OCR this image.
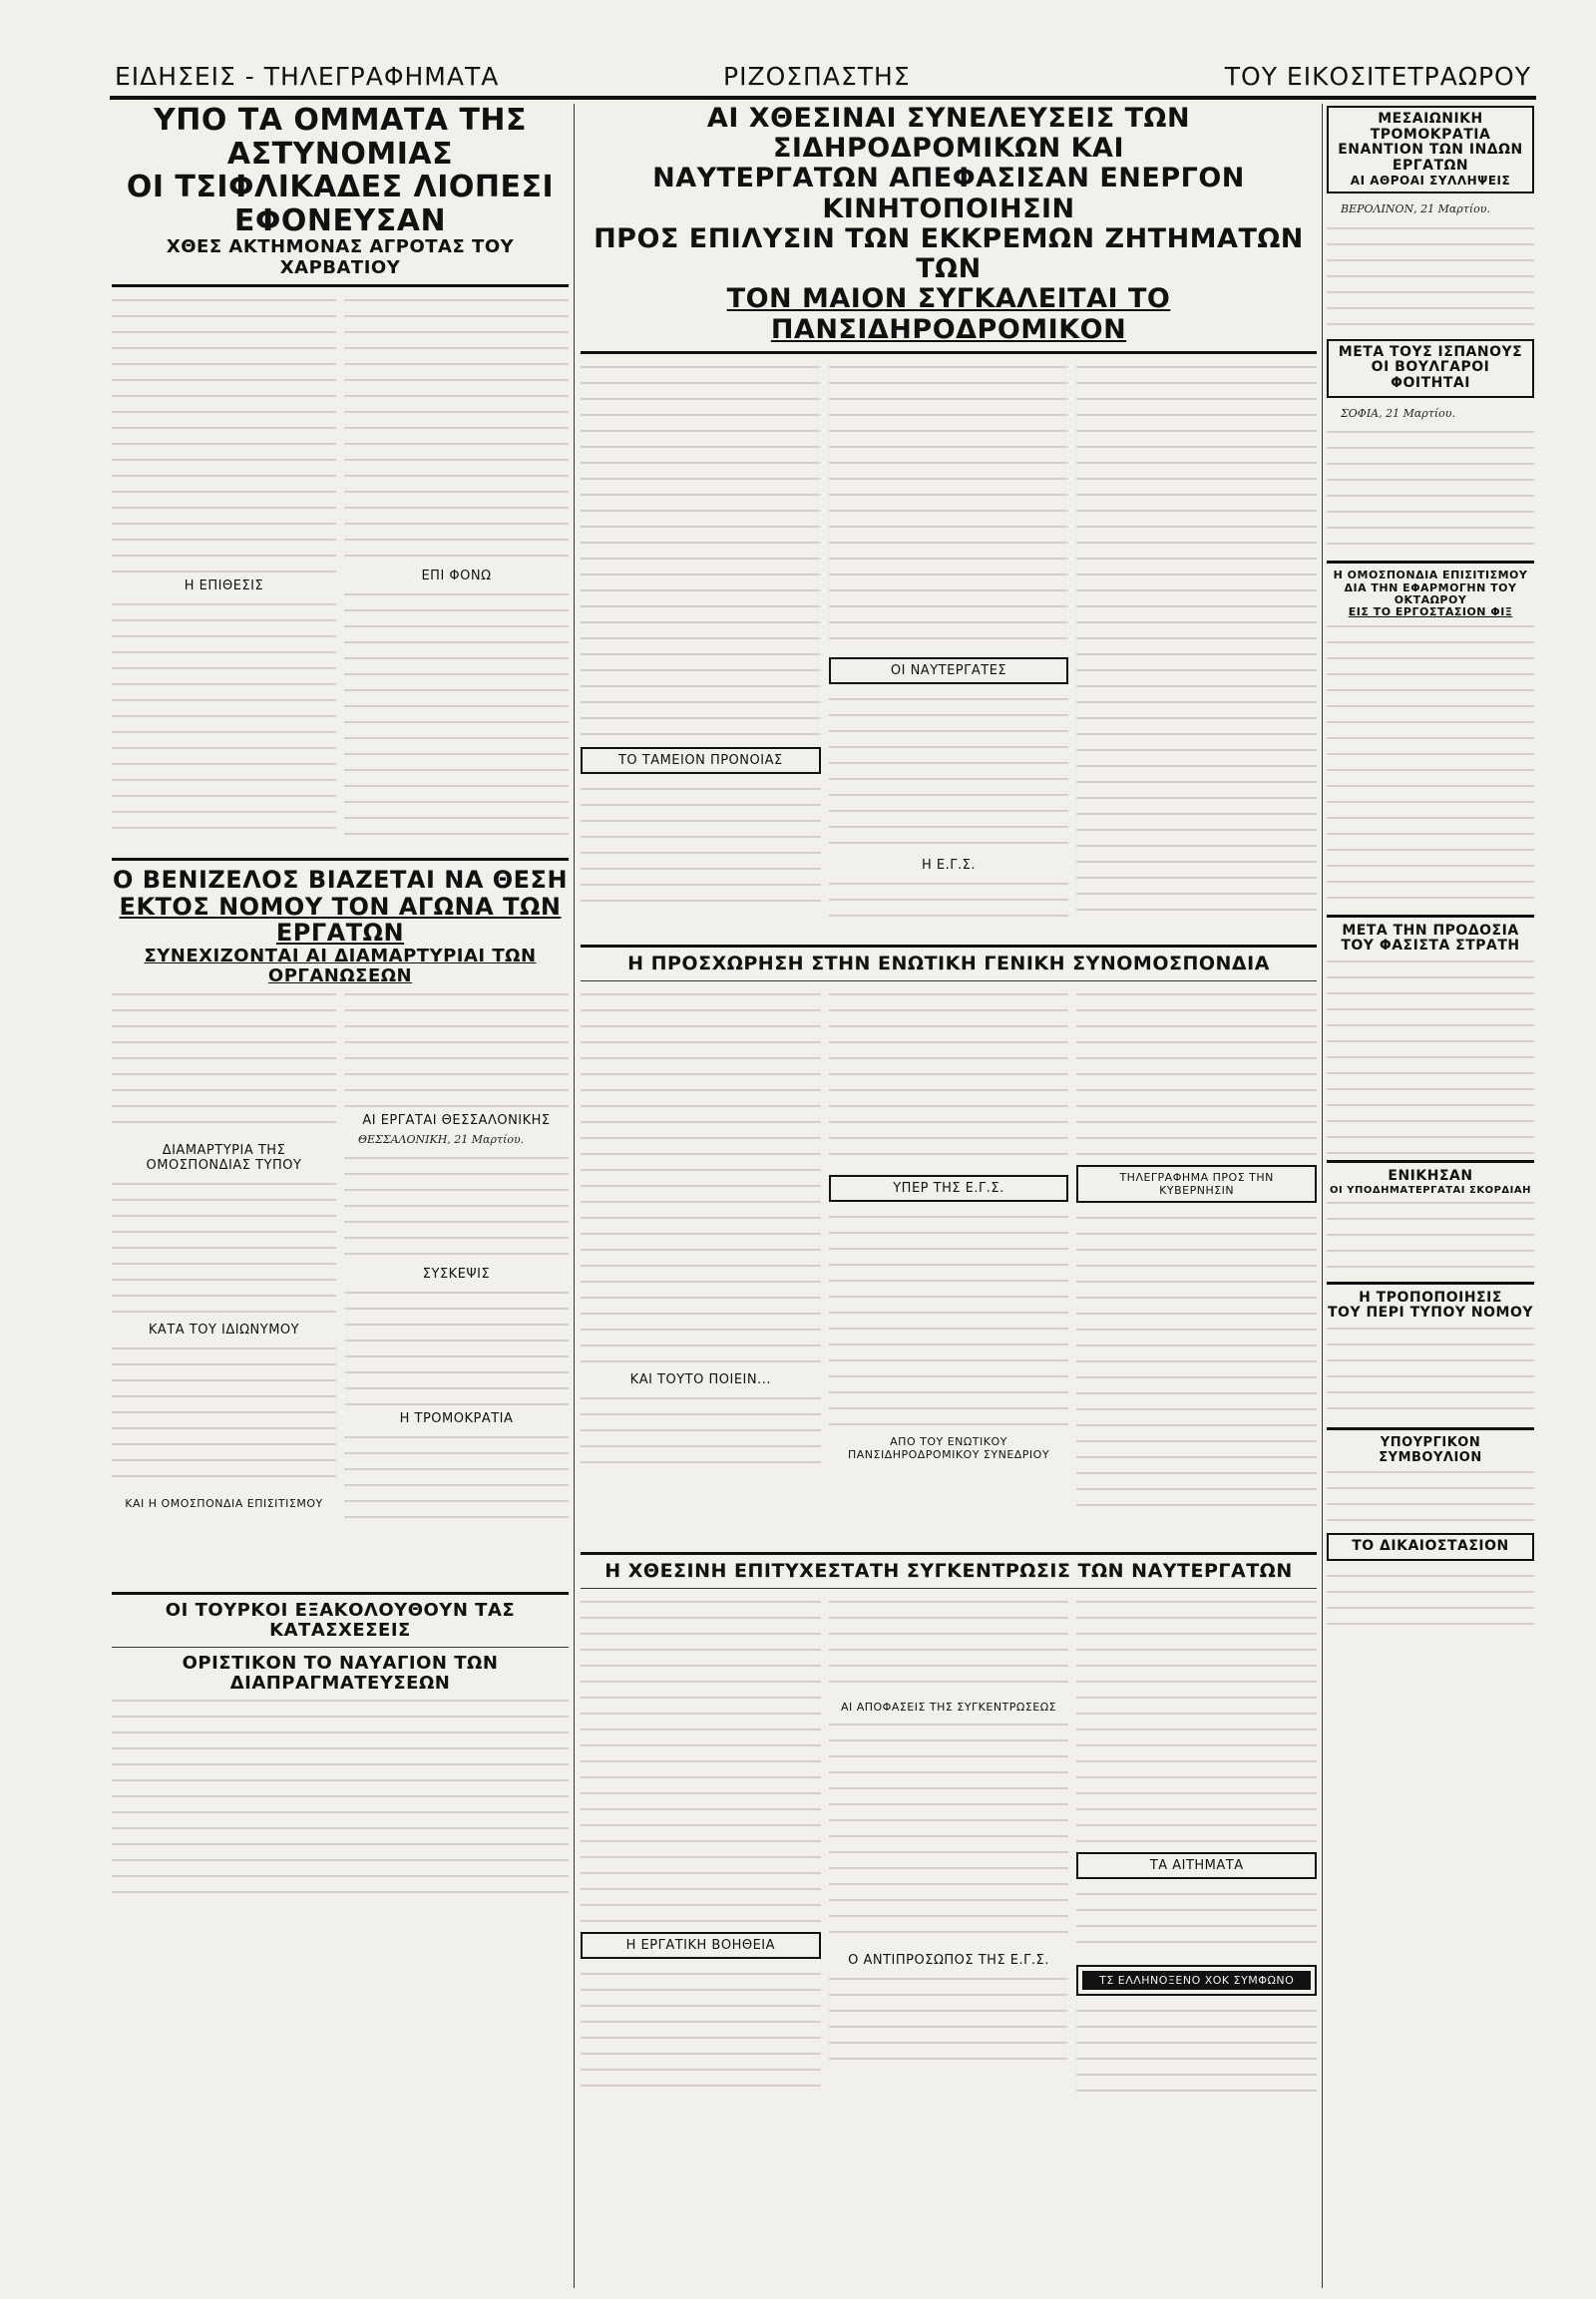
ΕΙΔΗΣΕΙΣ - ΤΗΛΕΓΡΑΦΗΜΑΤΑ	ΡΙΖΟΣΠΑΣΤΗΣ	ΤΟΥ ΕΙΚΟΣΙΤΕΤΡΑΩΡΟΥ

ΥΠΟ ΤΑ ΟΜΜΑΤΑ ΤΗΣ ΑΣΤΥΝΟΜΙΑΣ

ΟΙ ΤΣΙΦΛΙΚΑΔΕΣ ΛΙΟΠΕΣΙ ΕΦΟΝΕΥΣΑΝ

ΧΘΕΣ ΑΚΤΗΜΟΝΑΣ ΑΓΡΟΤΑΣ ΤΟΥ ΧΑΡΒΑΤΙΟΥ

Η ΕΠΙΘΕΣΙΣ

ΕΠΙ ΦΟΝΩ

Ο ΒΕΝΙΖΕΛΟΣ ΒΙΑΖΕΤΑΙ ΝΑ ΘΕΣΗ

ΕΚΤΟΣ ΝΟΜΟΥ ΤΟΝ ΑΓΩΝΑ ΤΩΝ ΕΡΓΑΤΩΝ

ΣΥΝΕΧΙΖΟΝΤΑΙ ΑΙ ΔΙΑΜΑΡΤΥΡΙΑΙ ΤΩΝ ΟΡΓΑΝΩΣΕΩΝ

ΔΙΑΜΑΡΤΥΡΙΑ ΤΗΣ ΟΜΟΣΠΟΝΔΙΑΣ ΤΥΠΟΥ

ΚΑΤΑ ΤΟΥ ΙΔΙΩΝΥΜΟΥ

ΚΑΙ Η ΟΜΟΣΠΟΝΔΙΑ ΕΠΙΣΙΤΙΣΜΟΥ

ΑΙ ΕΡΓΑΤΑΙ ΘΕΣΣΑΛΟΝΙΚΗΣ

ΘΕΣΣΑΛΟΝΙΚΗ, 21 Μαρτίου.

ΣΥΣΚΕΨΙΣ

Η ΤΡΟΜΟΚΡΑΤΙΑ

ΟΙ ΤΟΥΡΚΟΙ ΕΞΑΚΟΛΟΥΘΟΥΝ ΤΑΣ ΚΑΤΑΣΧΕΣΕΙΣ

ΟΡΙΣΤΙΚΟΝ ΤΟ ΝΑΥΑΓΙΟΝ ΤΩΝ ΔΙΑΠΡΑΓΜΑΤΕΥΣΕΩΝ

ΑΙ ΧΘΕΣΙΝΑΙ ΣΥΝΕΛΕΥΣΕΙΣ ΤΩΝ ΣΙΔΗΡΟΔΡΟΜΙΚΩΝ ΚΑΙ

ΝΑΥΤΕΡΓΑΤΩΝ ΑΠΕΦΑΣΙΣΑΝ ΕΝΕΡΓΟΝ ΚΙΝΗΤΟΠΟΙΗΣΙΝ

ΠΡΟΣ ΕΠΙΛΥΣΙΝ ΤΩΝ ΕΚΚΡΕΜΩΝ ΖΗΤΗΜΑΤΩΝ ΤΩΝ

ΤΟΝ ΜΑΙΟΝ ΣΥΓΚΑΛΕΙΤΑΙ ΤΟ ΠΑΝΣΙΔΗΡΟΔΡΟΜΙΚΟΝ

ΤΟ ΤΑΜΕΙΟΝ ΠΡΟΝΟΙΑΣ

ΟΙ ΝΑΥΤΕΡΓΑΤΕΣ

Η Ε.Γ.Σ.

Η ΠΡΟΣΧΩΡΗΣΗ ΣΤΗΝ ΕΝΩΤΙΚΗ ΓΕΝΙΚΗ ΣΥΝΟΜΟΣΠΟΝΔΙΑ

ΚΑΙ ΤΟΥΤΟ ΠΟΙΕΙΝ...

ΥΠΕΡ ΤΗΣ Ε.Γ.Σ.

ΑΠΟ ΤΟΥ ΕΝΩΤΙΚΟΥ ΠΑΝΣΙΔΗΡΟΔΡΟΜΙΚΟΥ ΣΥΝΕΔΡΙΟΥ

ΤΗΛΕΓΡΑΦΗΜΑ ΠΡΟΣ ΤΗΝ ΚΥΒΕΡΝΗΣΙΝ

Η ΧΘΕΣΙΝΗ ΕΠΙΤΥΧΕΣΤΑΤΗ ΣΥΓΚΕΝΤΡΩΣΙΣ ΤΩΝ ΝΑΥΤΕΡΓΑΤΩΝ

Η ΕΡΓΑΤΙΚΗ ΒΟΗΘΕΙΑ

ΑΙ ΑΠΟΦΑΣΕΙΣ ΤΗΣ ΣΥΓΚΕΝΤΡΩΣΕΩΣ

Ο ΑΝΤΙΠΡΟΣΩΠΟΣ ΤΗΣ Ε.Γ.Σ.

ΤΑ ΑΙΤΗΜΑΤΑ

ΤΣ ΕΛΛΗΝΟΞΕΝΟ ΧΟΚ ΣΥΜΦΩΝΟ

ΜΕΣΑΙΩΝΙΚΗ

ΤΡΟΜΟΚΡΑΤΙΑ ΕΝΑΝΤΙΟΝ ΤΩΝ ΙΝΔΩΝ ΕΡΓΑΤΩΝ

ΑΙ ΑΘΡΟΑΙ ΣΥΛΛΗΨΕΙΣ

ΒΕΡΟΛΙΝΟΝ, 21 Μαρτίου.

ΜΕΤΑ ΤΟΥΣ ΙΣΠΑΝΟΥΣ

ΟΙ ΒΟΥΛΓΑΡΟΙ ΦΟΙΤΗΤΑΙ

ΣΟΦΙΑ, 21 Μαρτίου.

Η ΟΜΟΣΠΟΝΔΙΑ ΕΠΙΣΙΤΙΣΜΟΥ

ΔΙΑ ΤΗΝ ΕΦΑΡΜΟΓΗΝ ΤΟΥ ΟΚΤΑΩΡΟΥ

ΕΙΣ ΤΟ ΕΡΓΟΣΤΑΣΙΟΝ ΦΙΞ

ΜΕΤΑ ΤΗΝ ΠΡΟΔΟΣΙΑ

ΤΟΥ ΦΑΣΙΣΤΑ ΣΤΡΑΤΗ

ΕΝΙΚΗΣΑΝ

ΟΙ ΥΠΟΔΗΜΑΤΕΡΓΑΤΑΙ ΣΚΟΡΔΙΑΗ

Η ΤΡΟΠΟΠΟΙΗΣΙΣ

ΤΟΥ ΠΕΡΙ ΤΥΠΟΥ ΝΟΜΟΥ

ΥΠΟΥΡΓΙΚΟΝ ΣΥΜΒΟΥΛΙΟΝ

ΤΟ ΔΙΚΑΙΟΣΤΑΣΙΟΝ
